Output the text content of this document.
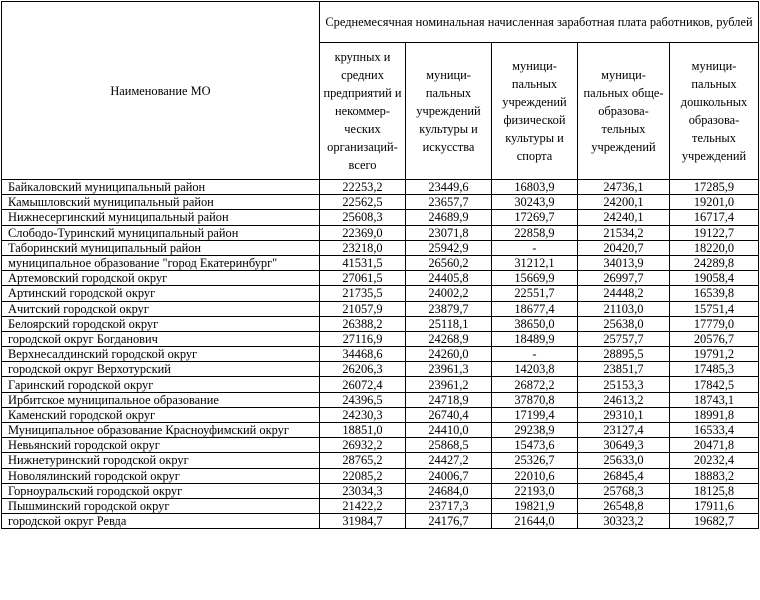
Наименование МО	Среднемесячная номинальная начисленная заработная плата работников, рублей				
	крупных и средних предприятий и некоммер-ческих организаций-всего	муници-пальных учреждений культуры и искусства	муници-пальных учреждений физической культуры и спорта	муници-пальных обще-образова-тельных учреждений	муници-пальных дошкольных образова-тельных учреждений
Байкаловский муниципальный район	22253,2	23449,6	16803,9	24736,1	17285,9
Камышловский муниципальный район	22562,5	23657,7	30243,9	24200,1	19201,0
Нижнесергинский муниципальный район	25608,3	24689,9	17269,7	24240,1	16717,4
Слободо-Туринский муниципальный район	22369,0	23071,8	22858,9	21534,2	19122,7
Таборинский муниципальный район	23218,0	25942,9	-	20420,7	18220,0
муниципальное образование "город Екатеринбург"	41531,5	26560,2	31212,1	34013,9	24289,8
Артемовский городской округ	27061,5	24405,8	15669,9	26997,7	19058,4
Артинский городской округ	21735,5	24002,2	22551,7	24448,2	16539,8
Ачитский городской округ	21057,9	23879,7	18677,4	21103,0	15751,4
Белоярский городской округ	26388,2	25118,1	38650,0	25638,0	17779,0
городской округ Богданович	27116,9	24268,9	18489,9	25757,7	20576,7
Верхнесалдинский городской округ	34468,6	24260,0	-	28895,5	19791,2
городской округ Верхотурский	26206,3	23961,3	14203,8	23851,7	17485,3
Гаринский городской округ	26072,4	23961,2	26872,2	25153,3	17842,5
Ирбитское муниципальное образование	24396,5	24718,9	37870,8	24613,2	18743,1
Каменский городской округ	24230,3	26740,4	17199,4	29310,1	18991,8
Муниципальное образование Красноуфимский округ	18851,0	24410,0	29238,9	23127,4	16533,4
Невьянский городской округ	26932,2	25868,5	15473,6	30649,3	20471,8
Нижнетуринский городской округ	28765,2	24427,2	25326,7	25633,0	20232,4
Новолялинский городской округ	22085,2	24006,7	22010,6	26845,4	18883,2
Горноуральский городской округ	23034,3	24684,0	22193,0	25768,3	18125,8
Пышминский городской округ	21422,2	23717,3	19821,9	26548,8	17911,6
городской округ Ревда	31984,7	24176,7	21644,0	30323,2	19682,7
